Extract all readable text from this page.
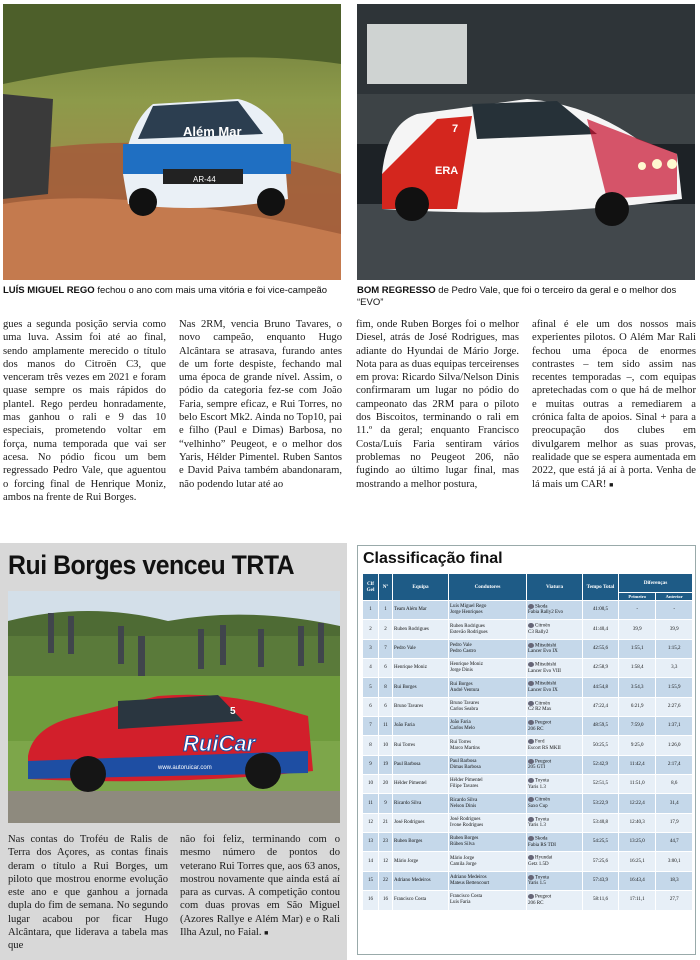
Além Mar
AR-44
LUÍS MIGUEL REGO fechou o ano com mais uma vitória e foi vice-campeão
ERA
7
BOM REGRESSO de Pedro Vale, que foi o terceiro da geral e o melhor dos “EVO”

gues a segunda posição servia como uma luva. Assim foi até ao final, sendo amplamente merecido o título dos manos do Citroën C3, que venceram três vezes em 2021 e foram quase sempre os mais rápidos do plantel. Rego perdeu honradamente, mas ganhou o rali e 9 das 10 especiais, prometendo voltar em força, numa temporada que vai ser acesa. No pódio ficou um bem regressado Pedro Vale, que aguentou o forcing final de Henrique Moniz, ambos na frente de Rui Borges.

Nas 2RM, vencia Bruno Tavares, o novo campeão, enquanto Hugo Alcântara se atrasava, furando antes de um forte despiste, fechando mal uma época de grande nível. Assim, o pódio da categoria fez-se com João Faria, sempre eficaz, e Rui Torres, no belo Escort Mk2. Ainda no Top10, pai e filho (Paul e Dimas) Barbosa, no “velhinho” Peugeot, e o melhor dos Yaris, Hélder Pimentel. Ruben Santos e David Paiva também abandonaram, não podendo lutar até ao

fim, onde Ruben Borges foi o melhor Diesel, atrás de José Rodrigues, mas adiante do Hyundai de Mário Jorge. Nota para as duas equipas terceirenses em prova: Ricardo Silva/Nelson Dinis confirmaram um lugar no pódio do campeonato das 2RM para o piloto dos Biscoitos, terminando o rali em 11.º da geral; enquanto Francisco Costa/Luís Faria sentiram vários problemas no Peugeot 206, não fugindo ao último lugar final, mas mostrando a melhor postura,

afinal é ele um dos nossos mais experientes pilotos. O Além Mar Rali fechou uma época de enormes contrastes – tem sido assim nas recentes temporadas –, com equipas apretechadas com o que há de melhor e muitas outras a remediarem a crónica falta de apoios. Sinal + para a preocupação dos clubes em divulgarem melhor as suas provas, realidade que se espera aumentada em 2022, que está já aí à porta. Venha de lá mais um CAR! ■

Rui Borges venceu TRTA
RuiCar
www.autoruicar.com
5

Nas contas do Troféu de Ralis de Terra dos Açores, as contas finais deram o título a Rui Borges, um piloto que mostrou enorme evolução este ano e que ganhou a jornada dupla do fim de semana. No segundo lugar acabou por ficar Hugo Alcântara, que liderava a tabela mas que

não foi feliz, terminando com o mesmo número de pontos do veterano Rui Torres que, aos 63 anos, mostrou novamente que ainda está aí para as curvas. A competição contou com duas provas em São Miguel (Azores Rallye e Além Mar) e o Rali Ilha Azul, no Faial. ■

Classificação final
Clf Gel	Nº	Equipa	Condutores	Viatura	Tempo Total	Diferenças	
						Primeiro	Anterior
1	1	Team Além Mar	Luís Miguel Rego
Jorge Henriques	Skoda
Fabia Rally2 Evo	41:00,5	-	-
2	2	Ruben Rodrigues	Ruben Rodrigues
Estevão Rodrigues	Citroën
C3 Rally2	41:40,4	39,9	39,9
3	7	Pedro Vale	Pedro Vale
Pedro Castro	Mitsubishi
Lancer Evo IX	42:55,6	1:55,1	1:15,2
4	6	Henrique Moniz	Henrique Moniz
Jorge Dinis	Mitsubishi
Lancer Evo VIII	42:58,9	1:58,4	3,3
5	8	Rui Borges	Rui Borges
André Ventura	Mitsubishi
Lancer Evo IX	44:54,8	3:54,3	1:55,9
6	6	Bruno Tavares	Bruno Tavares
Carlos Seabra	Citroën
C2 R2 Max	47:22,4	6:21,9	2:27,6
7	11	João Faria	João Faria
Carlos Melo	Peugeot
206 RC	48:59,5	7:59,0	1:37,1
8	10	Rui Torres	Rui Torres
Marco Martins	Ford
Escort RS MKII	50:25,5	9:25,0	1:26,0
9	19	Paul Barbosa	Paul Barbosa
Dimas Barbosa	Peugeot
205 GTI	52:42,9	11:42,4	2:17,4
10	20	Hélder Pimentel	Hélder Pimentel
Filipe Tavares	Toyota
Yaris 1.3	52:51,5	11:51,0	8,6
11	9	Ricardo Silva	Ricardo Silva
Nelson Dinis	Citroën
Saxo Cup	53:22,9	12:22,4	31,4
12	21	José Rodrigues	José Rodrigues
Ivone Rodrigues	Toyota
Yaris 1.3	53:40,8	12:40,3	17,9
13	23	Ruben Borges	Ruben Borges
Rúben Silva	Skoda
Fabia RS TDI	54:25,5	13:25,0	44,7
14	12	Mário Jorge	Mário Jorge
Camila Jorge	Hyundai
Getz 1.5D	57:25,6	16:25,1	3:00,1
15	22	Adriano Medeiros	Adriano Medeiros
Mateus Bettencourt	Toyota
Yaris 1.5	57:43,9	16:43,4	18,3
16	16	Francisco Costa	Francisco Costa
Luís Faria	Peugeot
206 RC	58:11,6	17:11,1	27,7
